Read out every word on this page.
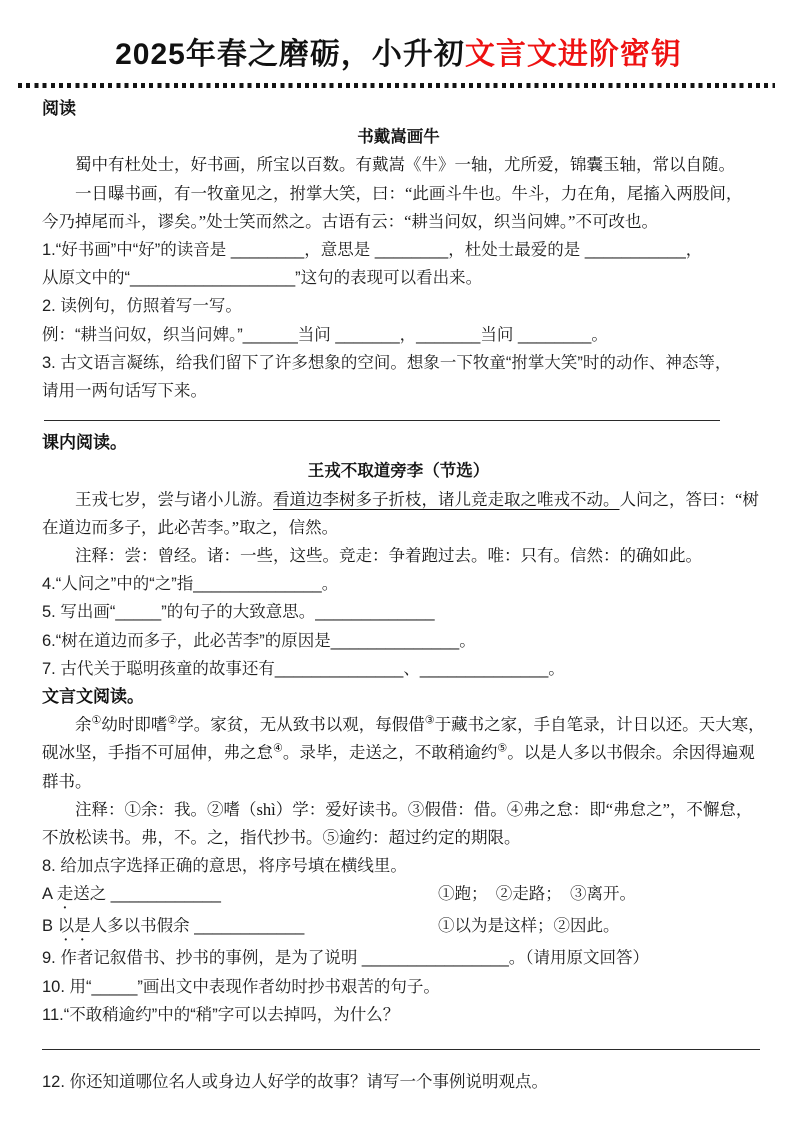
2025年春之磨砺，小升初文言文进阶密钥
阅读
书戴嵩画牛
蜀中有杜处士，好书画，所宝以百数。有戴嵩《牛》一轴，尤所爱，锦囊玉轴，常以自随。
一日曝书画，有一牧童见之，拊掌大笑，曰：“此画斗牛也。牛斗，力在角，尾搐入两股间，
今乃掉尾而斗，谬矣。”处士笑而然之。古语有云：“耕当问奴，织当问婢。”不可改也。
1.“好书画”中“好”的读音是 ________，意思是 ________，杜处士最爱的是 ___________，
从原文中的“__________________”这句的表现可以看出来。
2. 读例句，仿照着写一写。
例：“耕当问奴，织当问婢。”______当问 _______，_______当问 ________。
3. 古文语言凝练，给我们留下了许多想象的空间。想象一下牧童“拊掌大笑”时的动作、神态等，
请用一两句话写下来。
课内阅读。
王戎不取道旁李（节选）
王戎七岁，尝与诸小儿游。看道边李树多子折枝，诸儿竞走取之唯戎不动。人问之，答曰：“树
在道边而多子，此必苦李。”取之，信然。
注释：尝：曾经。诸：一些，这些。竞走：争着跑过去。唯：只有。信然：的确如此。
4.“人问之”中的“之”指______________。
5. 写出画“_____”的句子的大致意思。_____________
6.“树在道边而多子，此必苦李”的原因是______________。
7. 古代关于聪明孩童的故事还有______________、______________。
文言文阅读。
余①幼时即嗜②学。家贫，无从致书以观，每假借③于藏书之家，手自笔录，计日以还。天大寒，
砚冰坚，手指不可屈伸，弗之怠④。录毕，走送之，不敢稍逾约⑤。以是人多以书假余。余因得遍观
群书。
注释：①余：我。②嗜（shì）学：爱好读书。③假借：借。④弗之怠：即“弗怠之”，不懈怠，
不放松读书。弗，不。之，指代抄书。⑤逾约：超过约定的期限。
8. 给加点字选择正确的意思，将序号填在横线里。
A 走送之 ____________	①跑；　②走路；　③离开。
B 以是人多以书假余 ____________	①以为是这样；②因此。
9. 作者记叙借书、抄书的事例，是为了说明 ________________。（请用原文回答）
10. 用“_____”画出文中表现作者幼时抄书艰苦的句子。
11.“不敢稍逾约”中的“稍”字可以去掉吗，为什么？
12. 你还知道哪位名人或身边人好学的故事？请写一个事例说明观点。
